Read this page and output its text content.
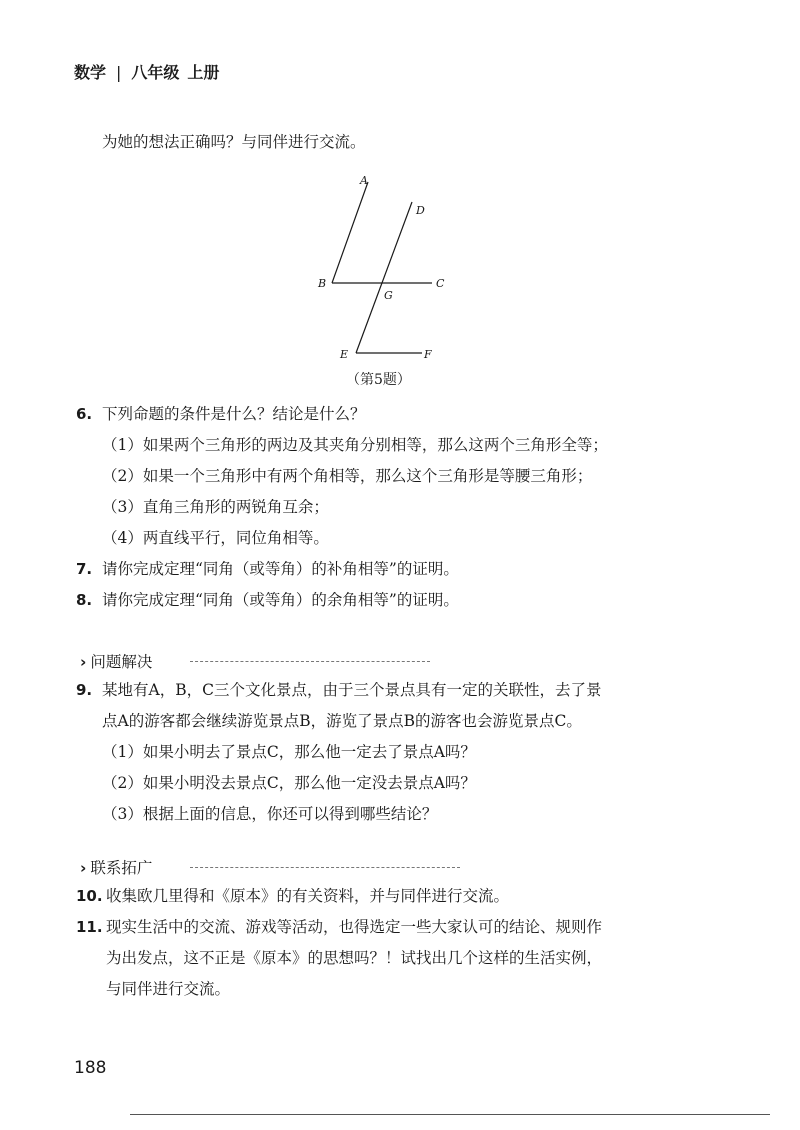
数学 | 八年级 上册
为她的想法正确吗？与同伴进行交流。
A
D
B	C
G
E	F
（第5题）
6. 下列命题的条件是什么？结论是什么？
（1）如果两个三角形的两边及其夹角分别相等，那么这两个三角形全等；
（2）如果一个三角形中有两个角相等，那么这个三角形是等腰三角形；
（3）直角三角形的两锐角互余；
（4）两直线平行，同位角相等。
7. 请你完成定理“同角（或等角）的补角相等”的证明。
8. 请你完成定理“同角（或等角）的余角相等”的证明。
› 问题解决
9. 某地有A，B，C三个文化景点，由于三个景点具有一定的关联性，去了景
点A的游客都会继续游览景点B，游览了景点B的游客也会游览景点C。
（1）如果小明去了景点C，那么他一定去了景点A吗？
（2）如果小明没去景点C，那么他一定没去景点A吗？
（3）根据上面的信息，你还可以得到哪些结论？
› 联系拓广
10. 收集欧几里得和《原本》的有关资料，并与同伴进行交流。
11. 现实生活中的交流、游戏等活动，也得选定一些大家认可的结论、规则作
为出发点，这不正是《原本》的思想吗？！试找出几个这样的生活实例，
与同伴进行交流。
188
